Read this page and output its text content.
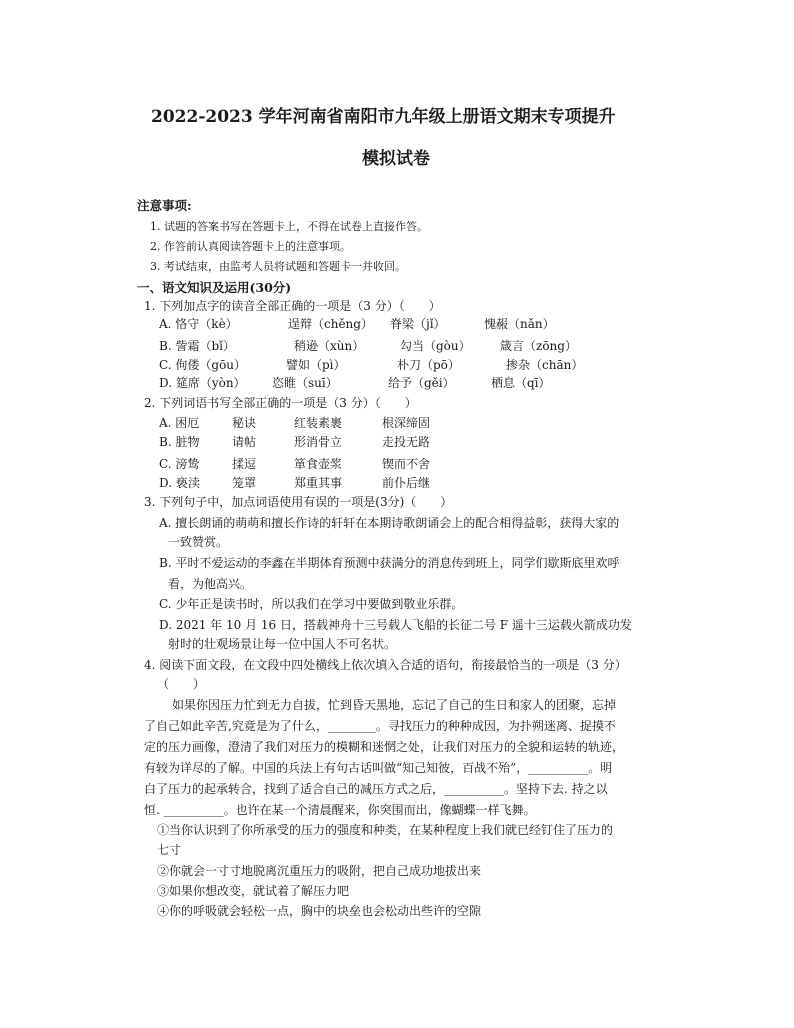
2022-2023 学年河南省南阳市九年级上册语文期末专项提升
模拟试卷
注意事项:
1. 试题的答案书写在答题卡上，不得在试卷上直接作答。
2. 作答前认真阅读答题卡上的注意事项。
3. 考试结束，由监考人员将试题和答题卡一并收回。
一、语文知识及运用(30分)
1. 下列加点字的读音全部正确的一项是（3 分）（　　）
A. 恪守（kè）	逞辩（chěng） 脊梁（jǐ）	愧赧（nǎn）
B. 訾霜（bǐ）	稍逊（xùn）	勾当（gòu） 箴言（zōng）
C. 佝偻（gōu）	譬如（pì）	朴刀（pō）	掺杂（chān）
D. 筵席（yòn） 恣睢（suī）	给予（gěi）	栖息（qī）
2. 下列词语书写全部正确的一项是（3 分）（　　）
A. 困厄	秘诀	红装素裹	根深缔固
B. 脏物	请帖	形消骨立	走投无路
C. 滂鸷	揉逗	箪食壶浆	锲而不舍
D. 亵渎	笼罩	郑重其事	前仆后继
3. 下列句子中，加点词语使用有误的一项是(3分)（　　）
A. 擅长朗诵的萌萌和擅长作诗的轩轩在本期诗歌朗诵会上的配合相得益彰，获得大家的
一致赞赏。
B. 平时不爱运动的李鑫在半期体育预测中获满分的消息传到班上，同学们歇斯底里欢呼
看，为他高兴。
C. 少年正是读书时，所以我们在学习中要做到敬业乐群。
D. 2021 年 10 月 16 日，搭载神舟十三号载人飞船的长征二号 F 遥十三运载火箭成功发
射时的壮观场景让每一位中国人不可名状。
4. 阅读下面文段，在文段中四处横线上依次填入合适的语句，衔接最恰当的一项是（3 分）
（　　）
如果你因压力忙到无力自拔，忙到昏天黑地，忘记了自己的生日和家人的团聚，忘掉
了自己如此辛苦,究竟是为了什么，________。寻找压力的种种成因，为扑朔迷离、捉摸不
定的压力画像，澄清了我们对压力的模糊和迷惘之处，让我们对压力的全貌和运转的轨迹，
有较为详尽的了解。中国的兵法上有句古话叫做“知己知彼，百战不殆”，__________。明
白了压力的起承转合，找到了适合自己的减压方式之后，__________。坚持下去. 持之以
恒. __________。也许在某一个清晨醒来，你突围而出，像蝴蝶一样飞舞。
①当你认识到了你所承受的压力的强度和种类，在某种程度上我们就已经钉住了压力的
七寸
②你就会一寸寸地脱离沉重压力的吸附，把自己成功地拔出来
③如果你想改变，就试着了解压力吧
④你的呼吸就会轻松一点，胸中的块垒也会松动出些许的空隙
